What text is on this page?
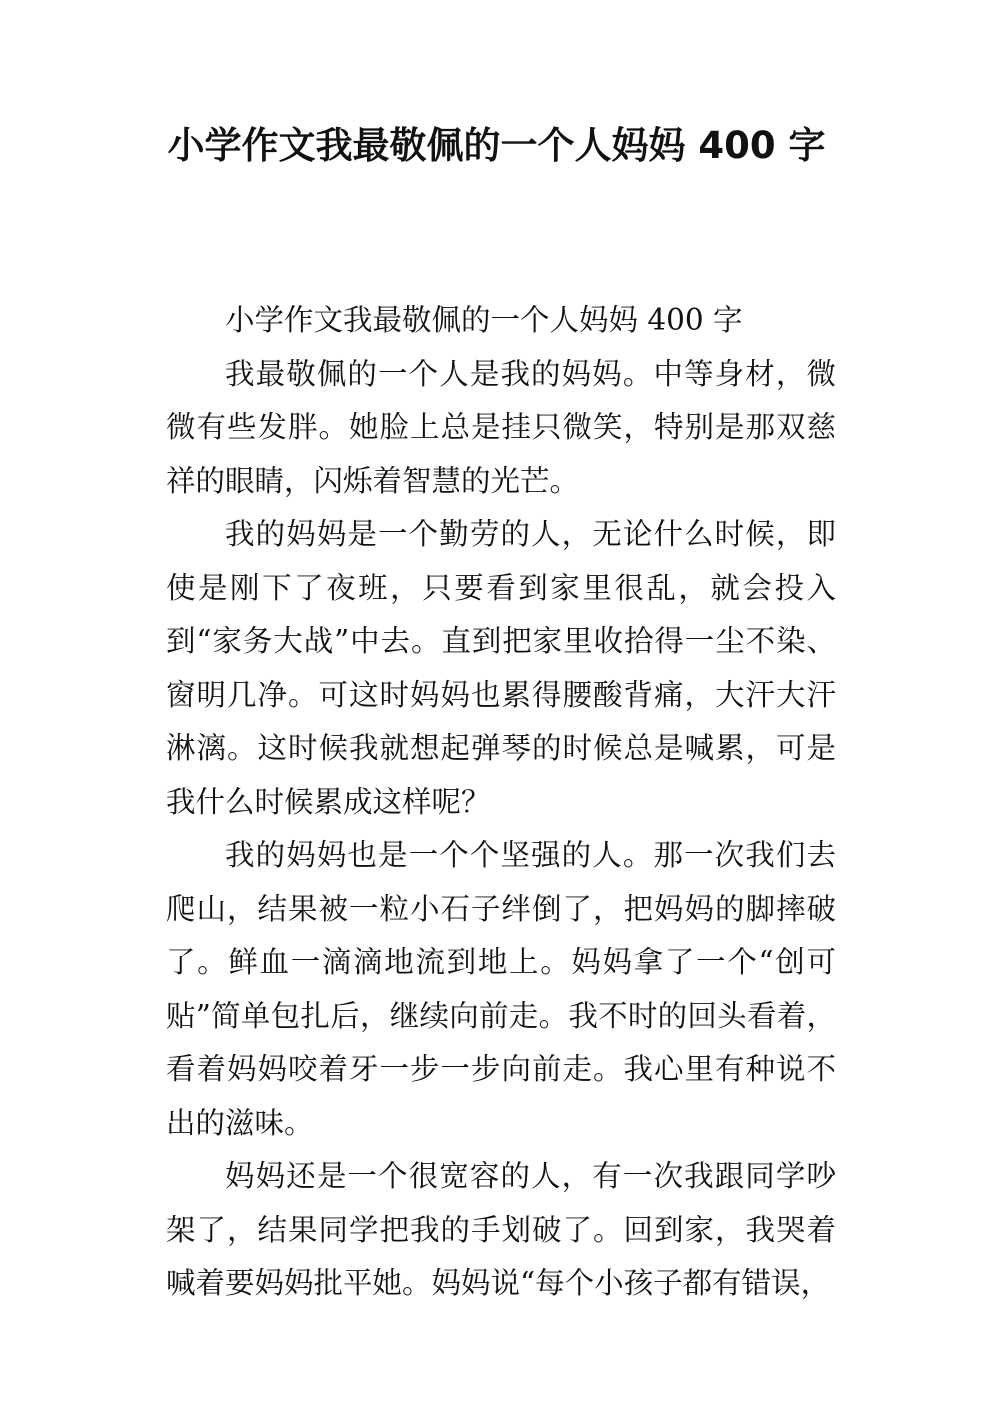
小学作文我最敬佩的一个人妈妈 400 字

小学作文我最敬佩的一个人妈妈 400 字

我最敬佩的一个人是我的妈妈。中等身材，微微有些发胖。她脸上总是挂只微笑，特别是那双慈祥的眼睛，闪烁着智慧的光芒。

我的妈妈是一个勤劳的人，无论什么时候，即使是刚下了夜班，只要看到家里很乱，就会投入到“家务大战”中去。直到把家里收拾得一尘不染、窗明几净。可这时妈妈也累得腰酸背痛，大汗大汗淋漓。这时候我就想起弹琴的时候总是喊累，可是我什么时候累成这样呢？

我的妈妈也是一个个坚强的人。那一次我们去爬山，结果被一粒小石子绊倒了，把妈妈的脚摔破了。鲜血一滴滴地流到地上。妈妈拿了一个“创可贴”简单包扎后，继续向前走。我不时的回头看着，看着妈妈咬着牙一步一步向前走。我心里有种说不出的滋味。

妈妈还是一个很宽容的人，有一次我跟同学吵架了，结果同学把我的手划破了。回到家，我哭着喊着要妈妈批平她。妈妈说“每个小孩子都有错误，
